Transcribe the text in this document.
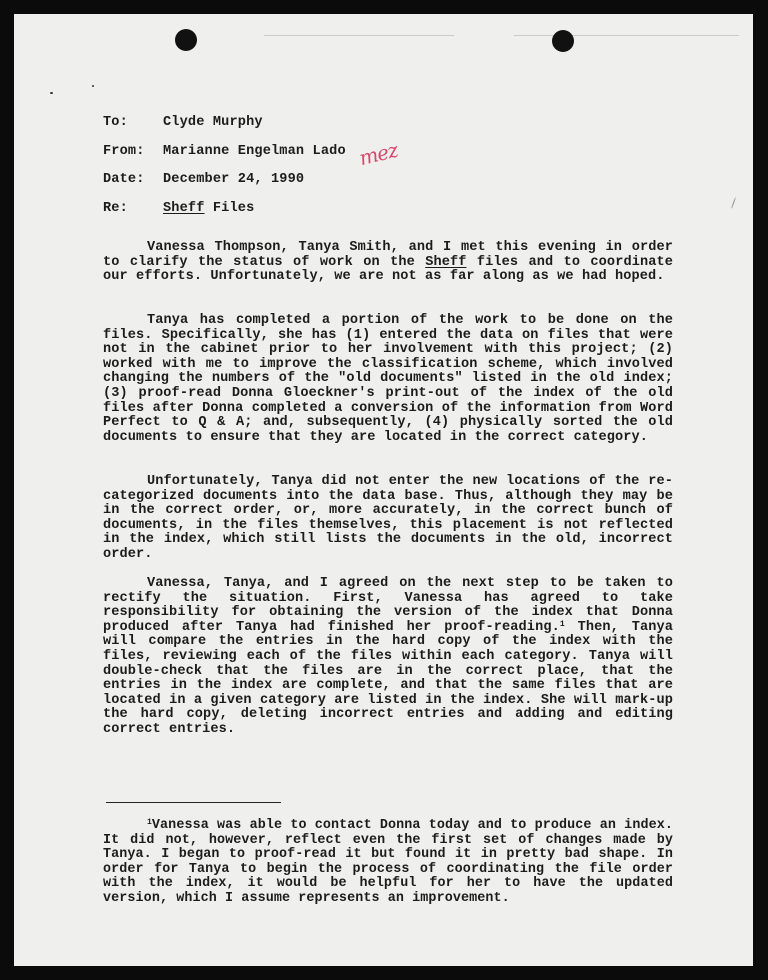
To:	Clyde Murphy
From: Marianne Engelman Lado mez
Date: December 24, 1990
Re:	Sheff Files
Vanessa Thompson, Tanya Smith, and I met this evening in order to clarify the status of work on the Sheff files and to coordinate our efforts. Unfortunately, we are not as far along as we had hoped.
Tanya has completed a portion of the work to be done on the files. Specifically, she has (1) entered the data on files that were not in the cabinet prior to her involvement with this project; (2) worked with me to improve the classification scheme, which involved changing the numbers of the "old documents" listed in the old index; (3) proof-read Donna Gloeckner's print-out of the index of the old files after Donna completed a conversion of the information from Word Perfect to Q & A; and, subsequently, (4) physically sorted the old documents to ensure that they are located in the correct category.
Unfortunately, Tanya did not enter the new locations of the re-categorized documents into the data base. Thus, although they may be in the correct order, or, more accurately, in the correct bunch of documents, in the files themselves, this placement is not reflected in the index, which still lists the documents in the old, incorrect order.
Vanessa, Tanya, and I agreed on the next step to be taken to rectify the situation. First, Vanessa has agreed to take responsibility for obtaining the version of the index that Donna produced after Tanya had finished her proof-reading.$^1$ Then, Tanya will compare the entries in the hard copy of the index with the files, reviewing each of the files within each category. Tanya will double-check that the files are in the correct place, that the entries in the index are complete, and that the same files that are located in a given category are listed in the index. She will mark-up the hard copy, deleting incorrect entries and adding and editing correct entries.
$^1$Vanessa was able to contact Donna today and to produce an index. It did not, however, reflect even the first set of changes made by Tanya. I began to proof-read it but found it in pretty bad shape. In order for Tanya to begin the process of coordinating the file order with the index, it would be helpful for her to have the updated version, which I assume represents an improvement.
